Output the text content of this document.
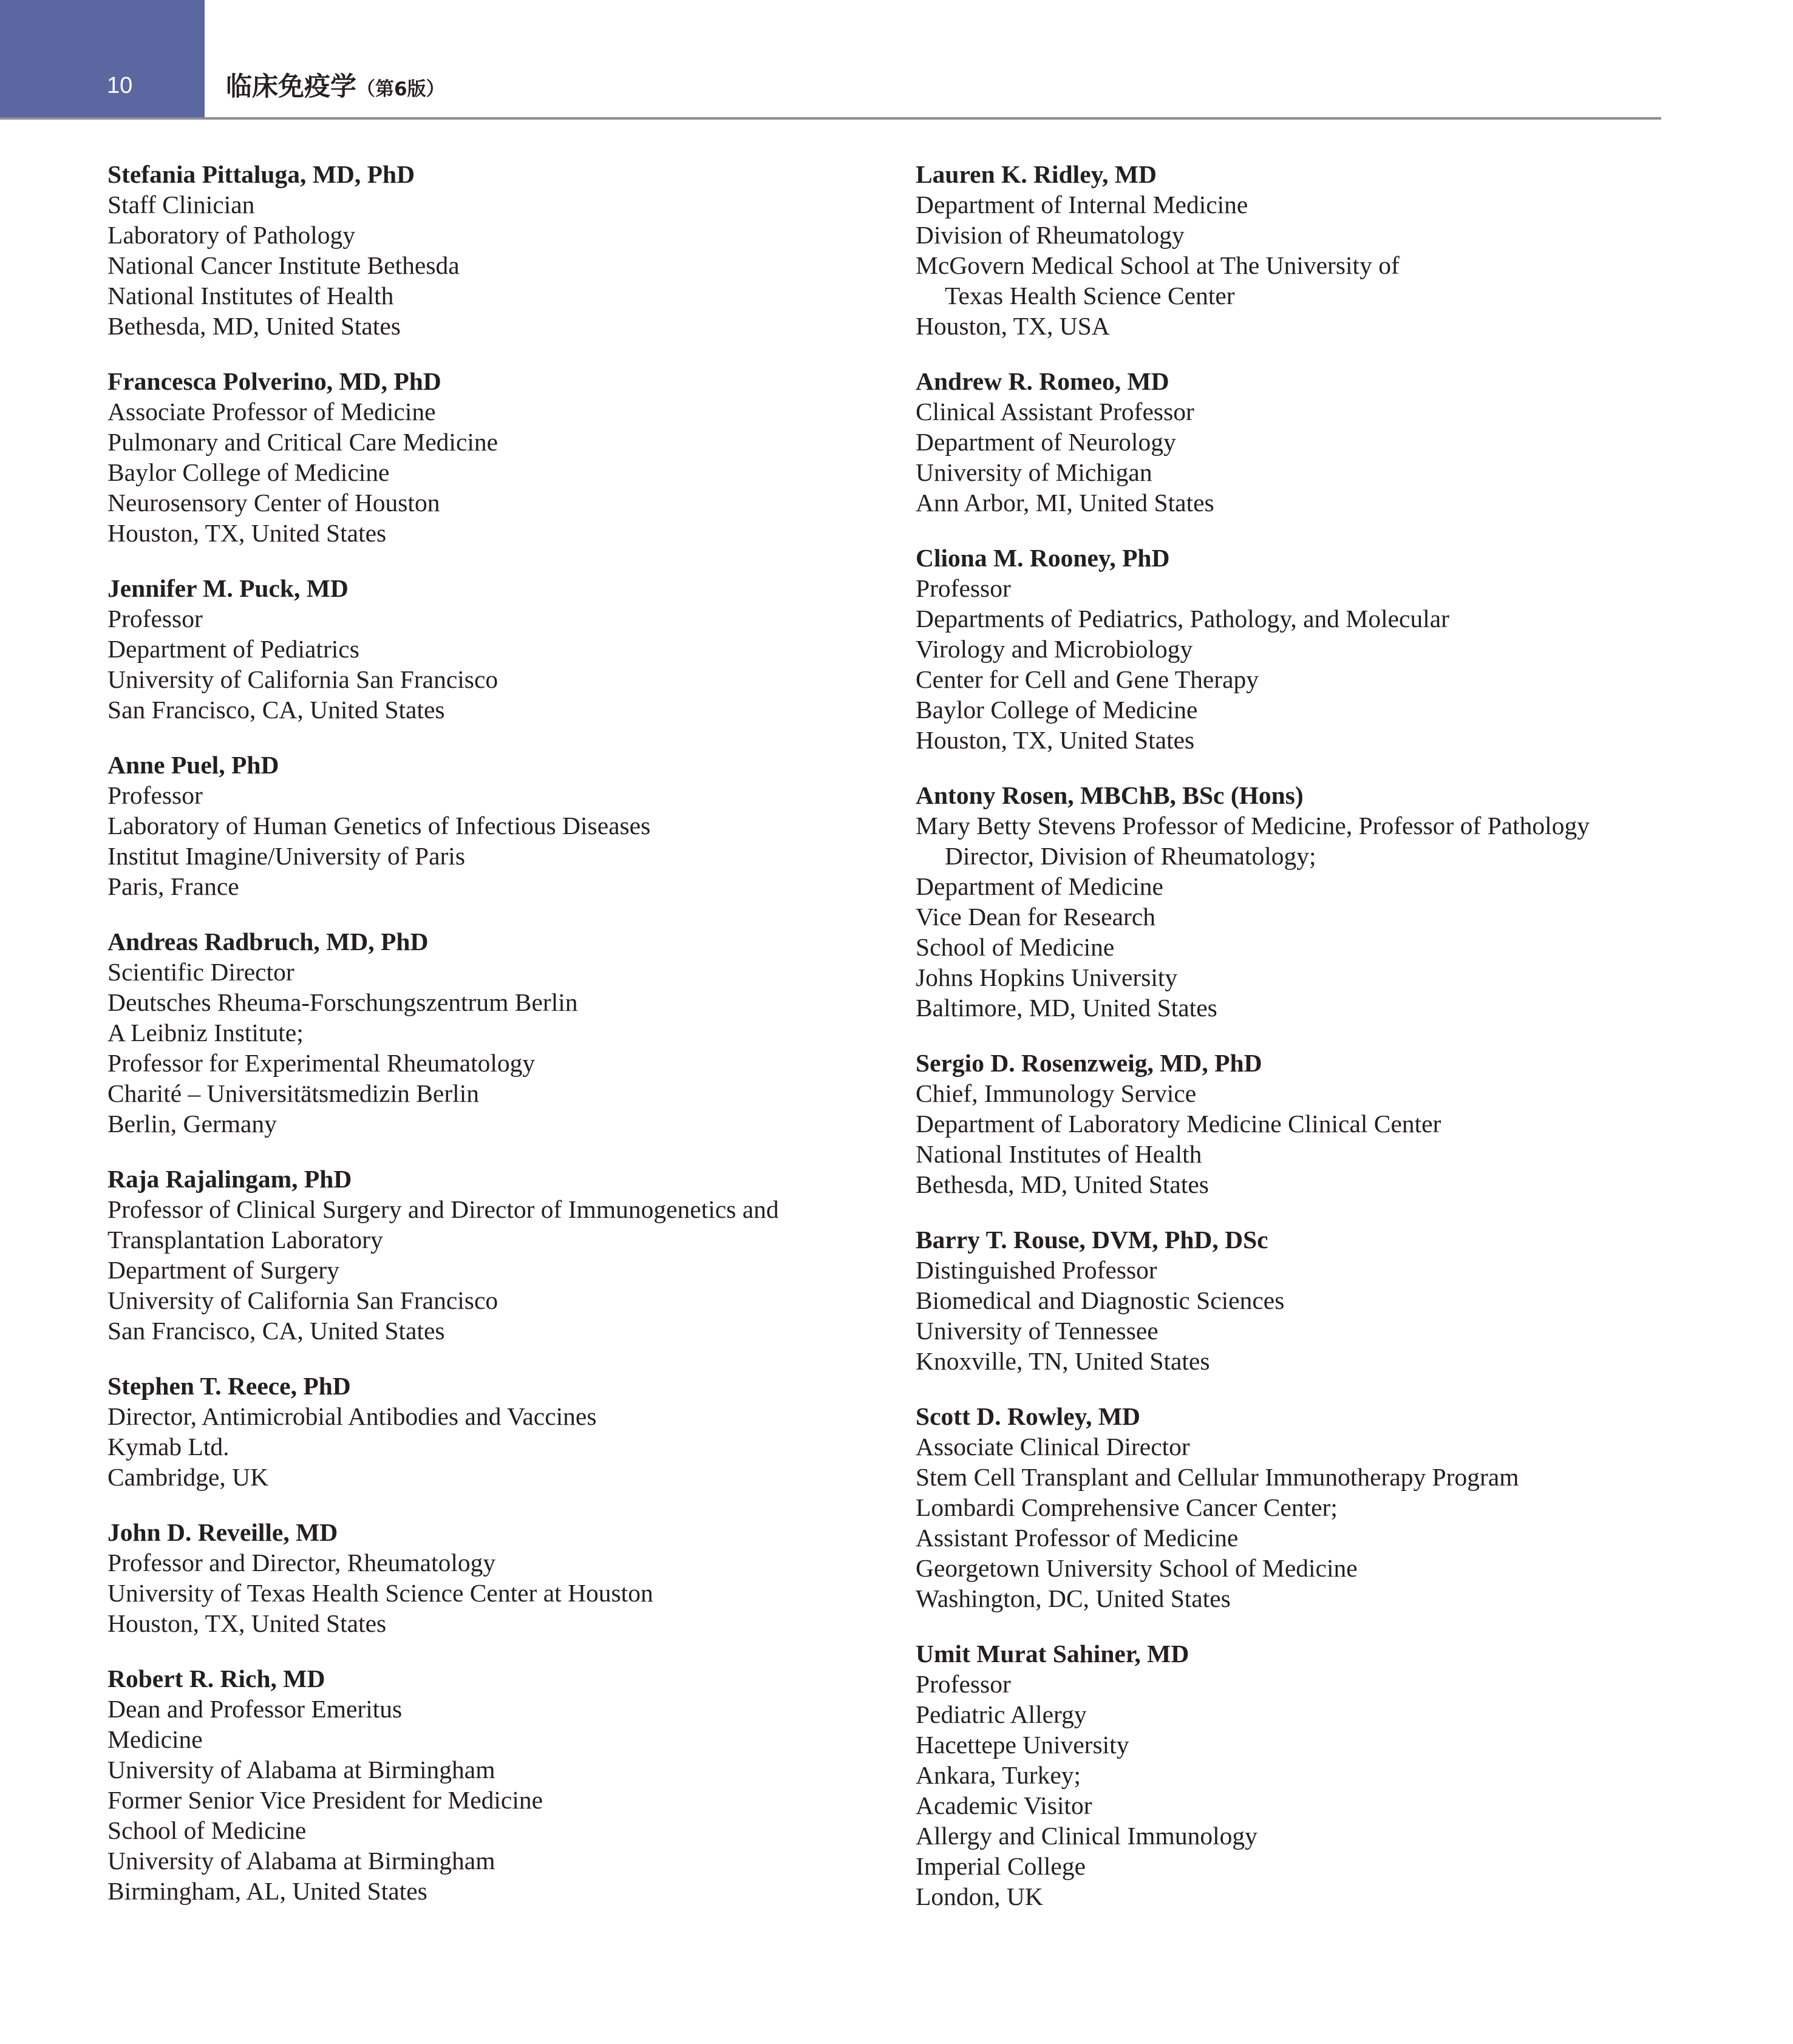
10	临床免疫学（第6版）
Stefania Pittaluga, MD, PhD
Staff Clinician
Laboratory of Pathology
National Cancer Institute Bethesda
National Institutes of Health
Bethesda, MD, United States
Francesca Polverino, MD, PhD
Associate Professor of Medicine
Pulmonary and Critical Care Medicine
Baylor College of Medicine
Neurosensory Center of Houston
Houston, TX, United States
Jennifer M. Puck, MD
Professor
Department of Pediatrics
University of California San Francisco
San Francisco, CA, United States
Anne Puel, PhD
Professor
Laboratory of Human Genetics of Infectious Diseases
Institut Imagine/University of Paris
Paris, France
Andreas Radbruch, MD, PhD
Scientific Director
Deutsches Rheuma-Forschungszentrum Berlin
A Leibniz Institute;
Professor for Experimental Rheumatology
Charité – Universitätsmedizin Berlin
Berlin, Germany
Raja Rajalingam, PhD
Professor of Clinical Surgery and Director of Immunogenetics and
Transplantation Laboratory
Department of Surgery
University of California San Francisco
San Francisco, CA, United States
Stephen T. Reece, PhD
Director, Antimicrobial Antibodies and Vaccines
Kymab Ltd.
Cambridge, UK
John D. Reveille, MD
Professor and Director, Rheumatology
University of Texas Health Science Center at Houston
Houston, TX, United States
Robert R. Rich, MD
Dean and Professor Emeritus
Medicine
University of Alabama at Birmingham
Former Senior Vice President for Medicine
School of Medicine
University of Alabama at Birmingham
Birmingham, AL, United States
Lauren K. Ridley, MD
Department of Internal Medicine
Division of Rheumatology
McGovern Medical School at The University of
Texas Health Science Center
Houston, TX, USA
Andrew R. Romeo, MD
Clinical Assistant Professor
Department of Neurology
University of Michigan
Ann Arbor, MI, United States
Cliona M. Rooney, PhD
Professor
Departments of Pediatrics, Pathology, and Molecular
Virology and Microbiology
Center for Cell and Gene Therapy
Baylor College of Medicine
Houston, TX, United States
Antony Rosen, MBChB, BSc (Hons)
Mary Betty Stevens Professor of Medicine, Professor of Pathology
Director, Division of Rheumatology;
Department of Medicine
Vice Dean for Research
School of Medicine
Johns Hopkins University
Baltimore, MD, United States
Sergio D. Rosenzweig, MD, PhD
Chief, Immunology Service
Department of Laboratory Medicine Clinical Center
National Institutes of Health
Bethesda, MD, United States
Barry T. Rouse, DVM, PhD, DSc
Distinguished Professor
Biomedical and Diagnostic Sciences
University of Tennessee
Knoxville, TN, United States
Scott D. Rowley, MD
Associate Clinical Director
Stem Cell Transplant and Cellular Immunotherapy Program
Lombardi Comprehensive Cancer Center;
Assistant Professor of Medicine
Georgetown University School of Medicine
Washington, DC, United States
Umit Murat Sahiner, MD
Professor
Pediatric Allergy
Hacettepe University
Ankara, Turkey;
Academic Visitor
Allergy and Clinical Immunology
Imperial College
London, UK
